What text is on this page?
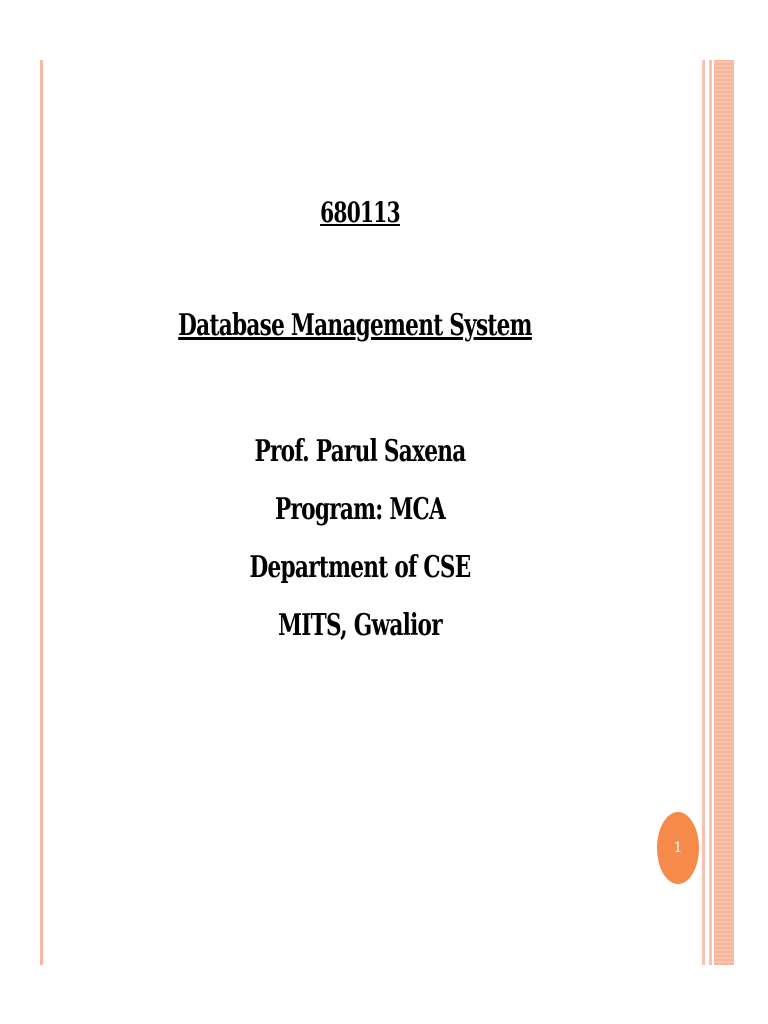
680113
Database Management System
Prof. Parul Saxena
Program: MCA
Department of CSE
MITS, Gwalior
1
